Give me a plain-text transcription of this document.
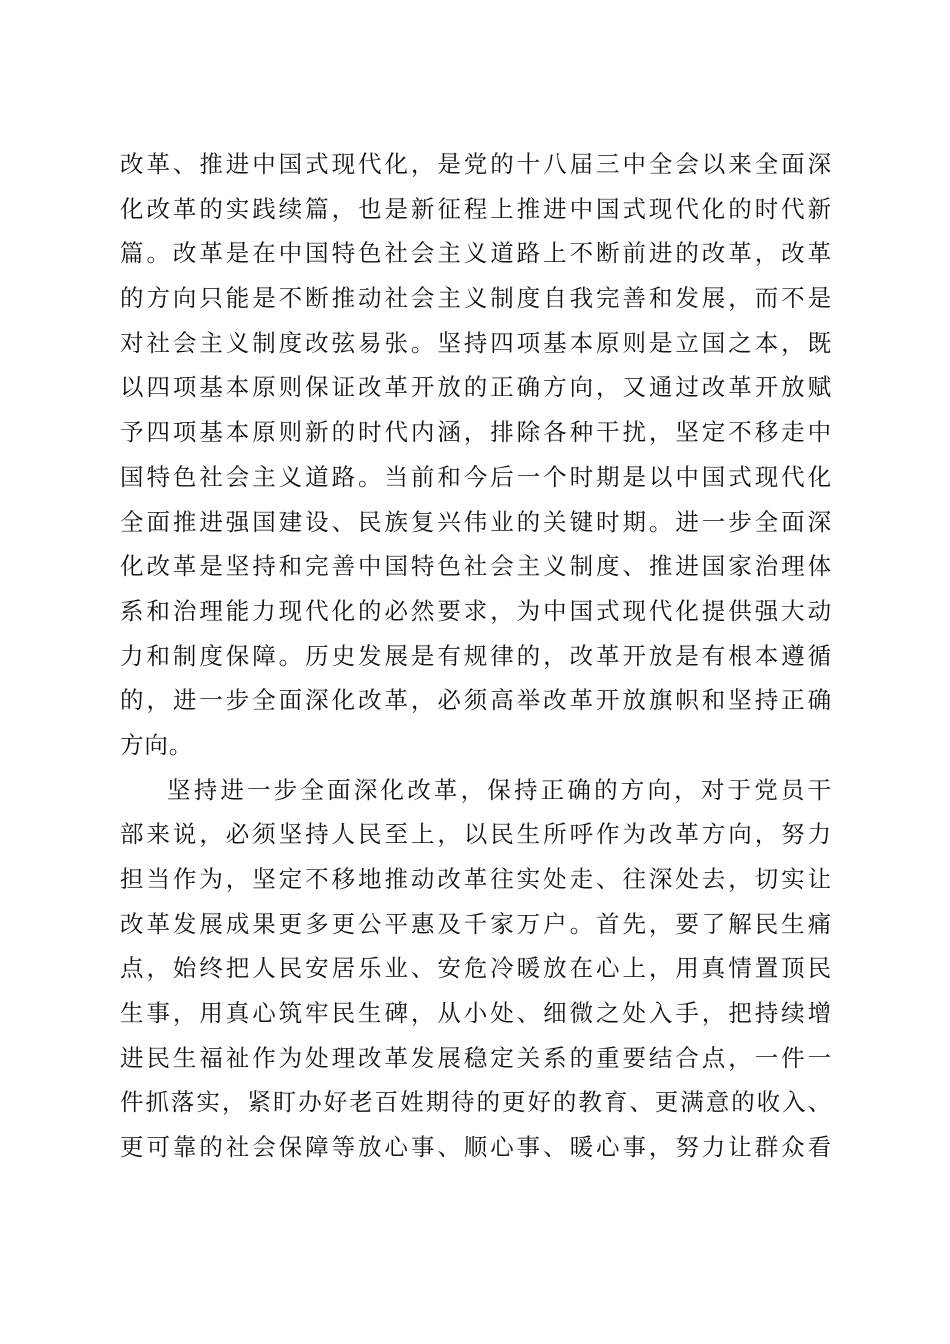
改革、推进中国式现代化，是党的十八届三中全会以来全面深
化改革的实践续篇，也是新征程上推进中国式现代化的时代新
篇。改革是在中国特色社会主义道路上不断前进的改革，改革
的方向只能是不断推动社会主义制度自我完善和发展，而不是
对社会主义制度改弦易张。坚持四项基本原则是立国之本，既
以四项基本原则保证改革开放的正确方向，又通过改革开放赋
予四项基本原则新的时代内涵，排除各种干扰，坚定不移走中
国特色社会主义道路。当前和今后一个时期是以中国式现代化
全面推进强国建设、民族复兴伟业的关键时期。进一步全面深
化改革是坚持和完善中国特色社会主义制度、推进国家治理体
系和治理能力现代化的必然要求，为中国式现代化提供强大动
力和制度保障。历史发展是有规律的，改革开放是有根本遵循
的，进一步全面深化改革，必须高举改革开放旗帜和坚持正确
方向。
坚持进一步全面深化改革，保持正确的方向，对于党员干
部来说，必须坚持人民至上，以民生所呼作为改革方向，努力
担当作为，坚定不移地推动改革往实处走、往深处去，切实让
改革发展成果更多更公平惠及千家万户。首先，要了解民生痛
点，始终把人民安居乐业、安危冷暖放在心上，用真情置顶民
生事，用真心筑牢民生碑，从小处、细微之处入手，把持续增
进民生福祉作为处理改革发展稳定关系的重要结合点，一件一
件抓落实，紧盯办好老百姓期待的更好的教育、更满意的收入、
更可靠的社会保障等放心事、顺心事、暖心事，努力让群众看
